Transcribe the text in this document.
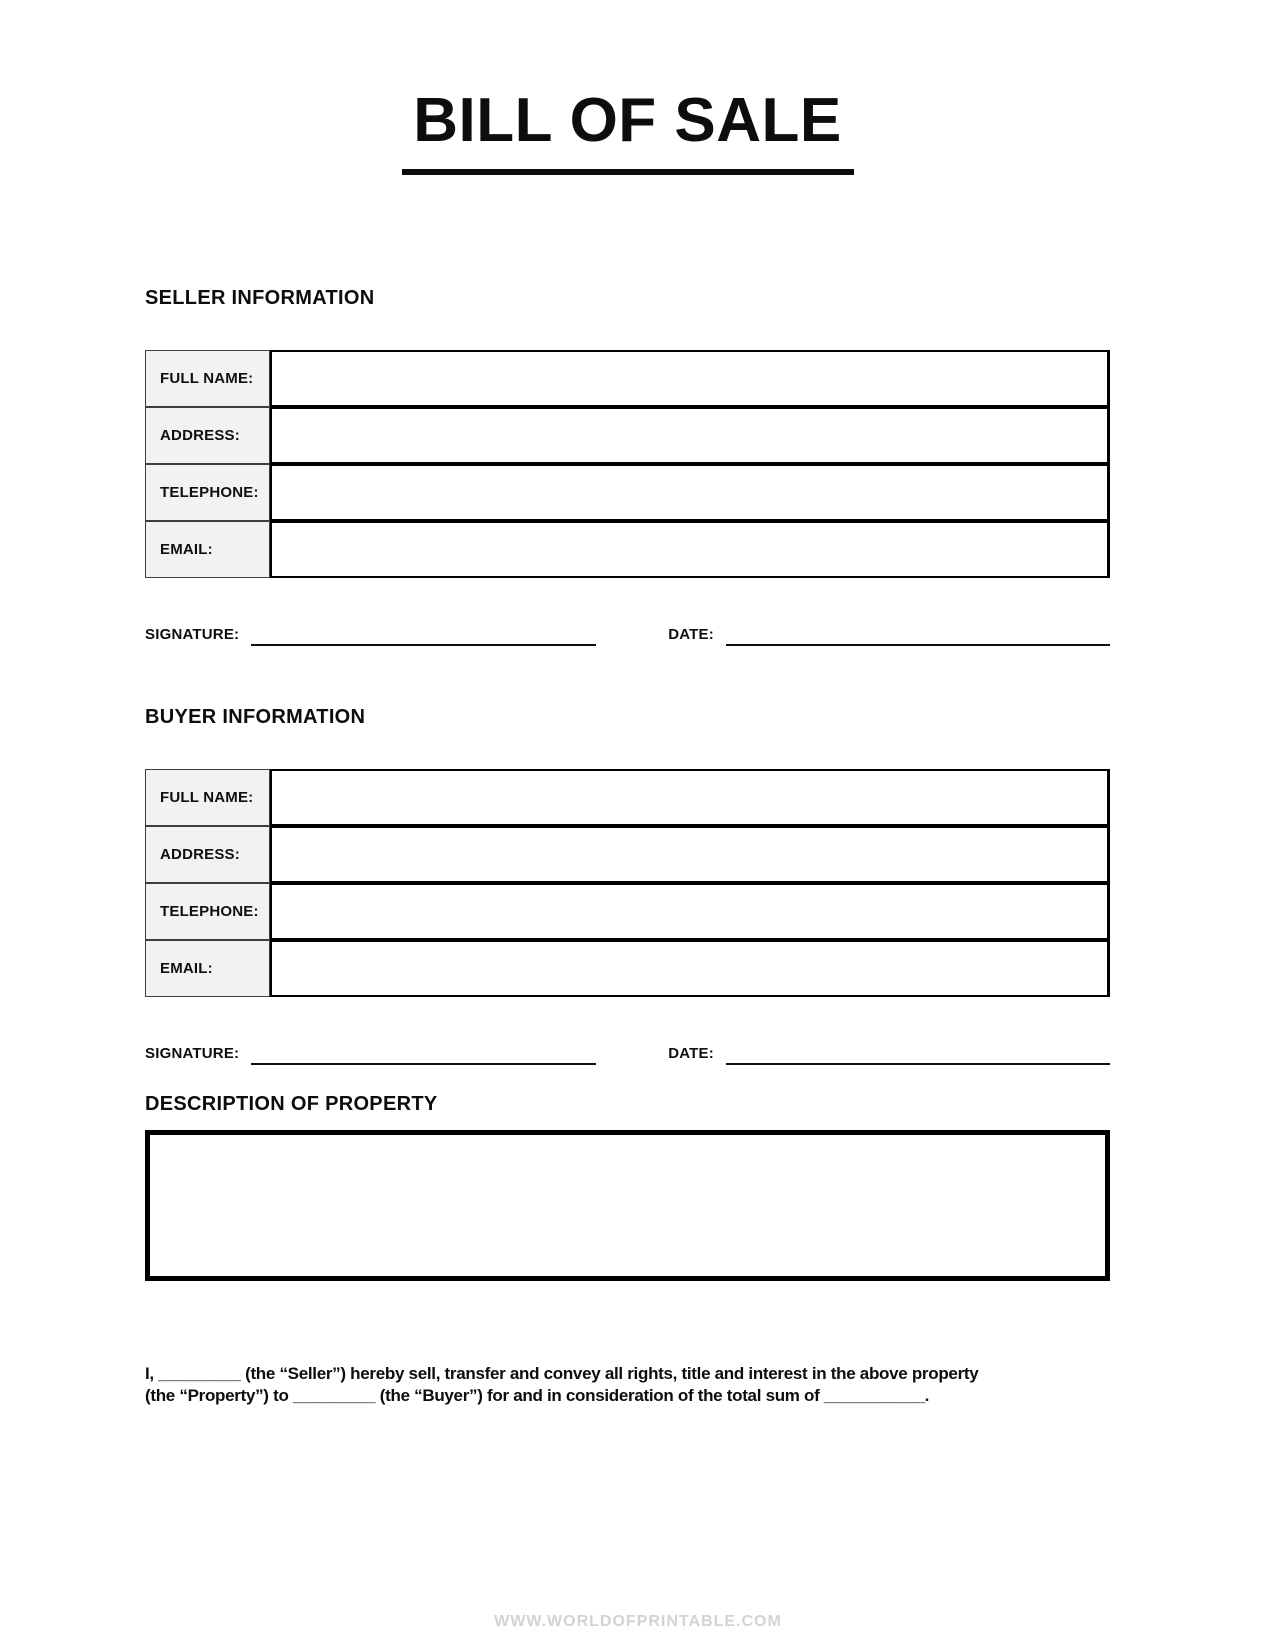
BILL OF SALE
SELLER INFORMATION
FULL NAME:
ADDRESS:
TELEPHONE:
EMAIL:
SIGNATURE:	DATE:
BUYER INFORMATION
FULL NAME:
ADDRESS:
TELEPHONE:
EMAIL:
SIGNATURE:	DATE:
DESCRIPTION OF PROPERTY

I, _________ (the “Seller”) hereby sell, transfer and convey all rights, title and interest in the above property
(the “Property”) to _________ (the “Buyer”) for and in consideration of the total sum of ___________.

WWW.WORLDOFPRINTABLE.COM
